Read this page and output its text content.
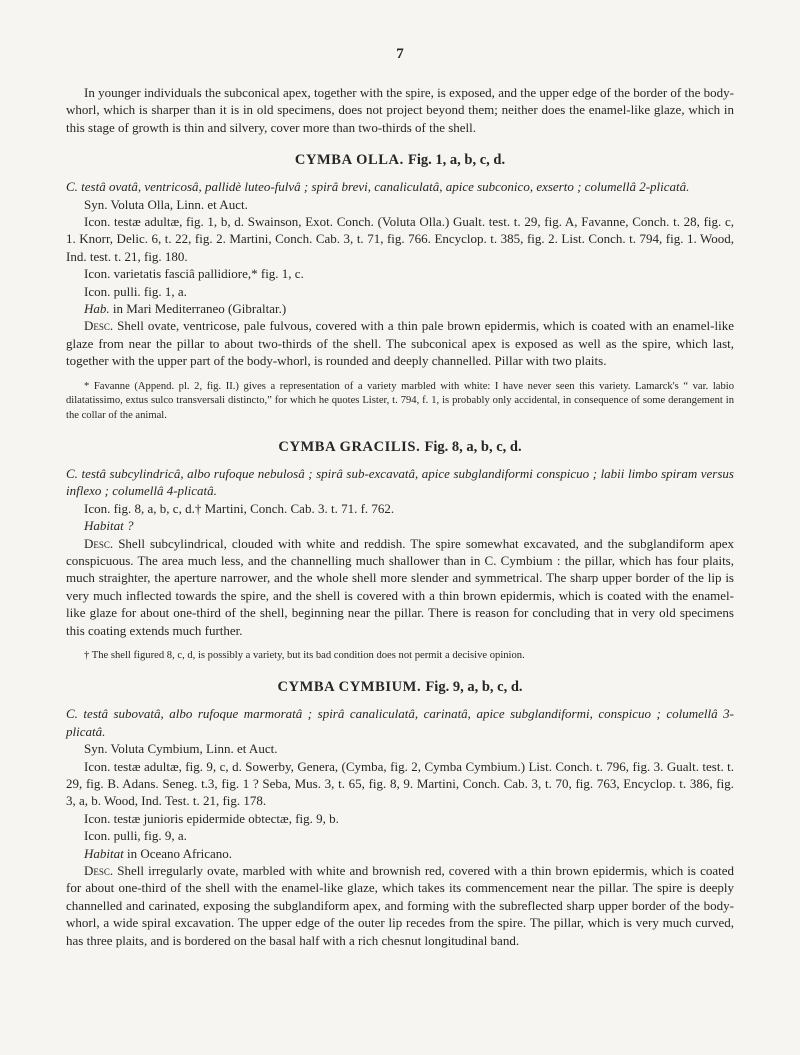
7

In younger individuals the subconical apex, together with the spire, is exposed, and the upper edge of the border of the body-whorl, which is sharper than it is in old specimens, does not project beyond them; neither does the enamel-like glaze, which in this stage of growth is thin and silvery, cover more than two-thirds of the shell.

CYMBA OLLA. Fig. 1, a, b, c, d.

C. testâ ovatâ, ventricosâ, pallidè luteo-fulvâ ; spirâ brevi, canaliculatâ, apice subconico, exserto ; columellâ 2-plicatâ.

Syn. Voluta Olla, Linn. et Auct.

Icon. testæ adultæ, fig. 1, b, d. Swainson, Exot. Conch. (Voluta Olla.) Gualt. test. t. 29, fig. A, Favanne, Conch. t. 28, fig. c, 1. Knorr, Delic. 6, t. 22, fig. 2. Martini, Conch. Cab. 3, t. 71, fig. 766. Encyclop. t. 385, fig. 2. List. Conch. t. 794, fig. 1. Wood, Ind. test. t. 21, fig. 180.

Icon. varietatis fasciâ pallidiore,* fig. 1, c.

Icon. pulli. fig. 1, a.

Hab. in Mari Mediterraneo (Gibraltar.)

Desc. Shell ovate, ventricose, pale fulvous, covered with a thin pale brown epidermis, which is coated with an enamel-like glaze from near the pillar to about two-thirds of the shell. The subconical apex is exposed as well as the spire, which last, together with the upper part of the body-whorl, is rounded and deeply channelled. Pillar with two plaits.

* Favanne (Append. pl. 2, fig. II.) gives a representation of a variety marbled with white: I have never seen this variety. Lamarck's “ var. labio dilatatissimo, extus sulco transversali distincto,” for which he quotes Lister, t. 794, f. 1, is probably only accidental, in consequence of some derangement in the collar of the animal.

CYMBA GRACILIS. Fig. 8, a, b, c, d.

C. testâ subcylindricâ, albo rufoque nebulosâ ; spirâ sub-excavatâ, apice subglandiformi conspicuo ; labii limbo spiram versus inflexo ; columellâ 4-plicatâ.

Icon. fig. 8, a, b, c, d.† Martini, Conch. Cab. 3. t. 71. f. 762.

Habitat ?

Desc. Shell subcylindrical, clouded with white and reddish. The spire somewhat excavated, and the subglandiform apex conspicuous. The area much less, and the channelling much shallower than in C. Cymbium : the pillar, which has four plaits, much straighter, the aperture narrower, and the whole shell more slender and symmetrical. The sharp upper border of the lip is very much inflected towards the spire, and the shell is covered with a thin brown epidermis, which is coated with the enamel-like glaze for about one-third of the shell, beginning near the pillar. There is reason for concluding that in very old specimens this coating extends much further.

† The shell figured 8, c, d, is possibly a variety, but its bad condition does not permit a decisive opinion.

CYMBA CYMBIUM. Fig. 9, a, b, c, d.

C. testâ subovatâ, albo rufoque marmoratâ ; spirâ canaliculatâ, carinatâ, apice subglandiformi, conspicuo ; columellâ 3-plicatâ.

Syn. Voluta Cymbium, Linn. et Auct.

Icon. testæ adultæ, fig. 9, c, d. Sowerby, Genera, (Cymba, fig. 2, Cymba Cymbium.) List. Conch. t. 796, fig. 3. Gualt. test. t. 29, fig. B. Adans. Seneg. t.3, fig. 1 ? Seba, Mus. 3, t. 65, fig. 8, 9. Martini, Conch. Cab. 3, t. 70, fig. 763, Encyclop. t. 386, fig. 3, a, b. Wood, Ind. Test. t. 21, fig. 178.

Icon. testæ junioris epidermide obtectæ, fig. 9, b.

Icon. pulli, fig. 9, a.

Habitat in Oceano Africano.

Desc. Shell irregularly ovate, marbled with white and brownish red, covered with a thin brown epidermis, which is coated for about one-third of the shell with the enamel-like glaze, which takes its commencement near the pillar. The spire is deeply channelled and carinated, exposing the subglandiform apex, and forming with the subreflected sharp upper border of the body-whorl, a wide spiral excavation. The upper edge of the outer lip recedes from the spire. The pillar, which is very much curved, has three plaits, and is bordered on the basal half with a rich chesnut longitudinal band.
